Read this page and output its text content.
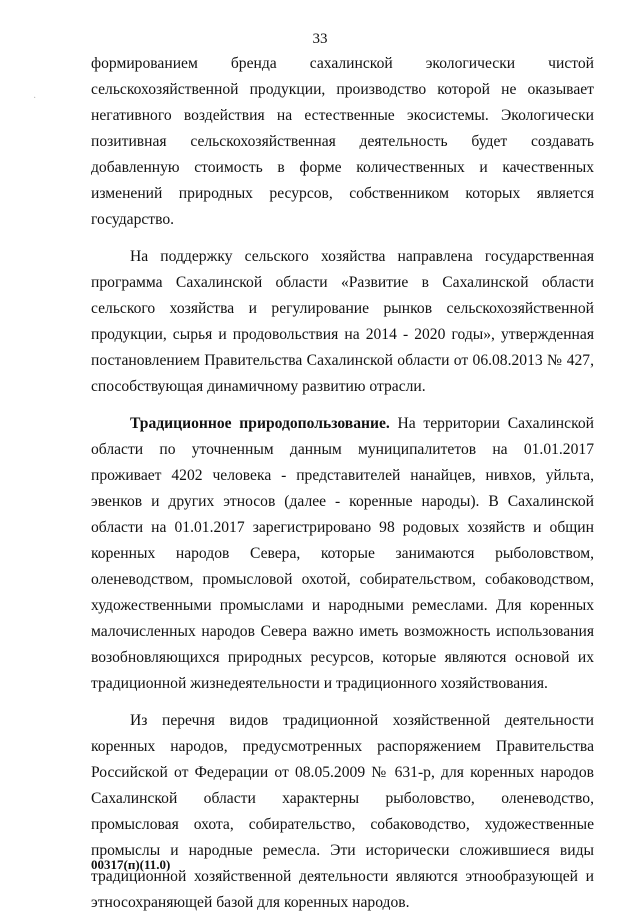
33
·

формированием бренда сахалинской экологически чистой сельскохозяйственной продукции, производство которой не оказывает негативного воздействия на естественные экосистемы. Экологически позитивная сельскохозяйственная деятельность будет создавать добавленную стоимость в форме количественных и качественных изменений природных ресурсов, собственником которых является государство.

На поддержку сельского хозяйства направлена государственная программа Сахалинской области «Развитие в Сахалинской области сельского хозяйства и регулирование рынков сельскохозяйственной продукции, сырья и продовольствия на 2014 - 2020 годы», утвержденная постановлением Правительства Сахалинской области от 06.08.2013 № 427, способствующая динамичному развитию отрасли.

Традиционное природопользование. На территории Сахалинской области по уточненным данным муниципалитетов на 01.01.2017 проживает 4202 человека - представителей нанайцев, нивхов, уйльта, эвенков и других этносов (далее - коренные народы). В Сахалинской области на 01.01.2017 зарегистрировано 98 родовых хозяйств и общин коренных народов Севера, которые занимаются рыболовством, оленеводством, промысловой охотой, собирательством, собаководством, художественными промыслами и народными ремеслами. Для коренных малочисленных народов Севера важно иметь возможность использования возобновляющихся природных ресурсов, которые являются основой их традиционной жизнедеятельности и традиционного хозяйствования.

Из перечня видов традиционной хозяйственной деятельности коренных народов, предусмотренных распоряжением Правительства Российской от Федерации от 08.05.2009 № 631-р, для коренных народов Сахалинской области характерны рыболовство, оленеводство, промысловая охота, собирательство, собаководство, художественные промыслы и народные ремесла. Эти исторически сложившиеся виды традиционной хозяйственной деятельности являются этнообразующей и этносохраняющей базой для коренных народов.

00317(п)(11.0)
